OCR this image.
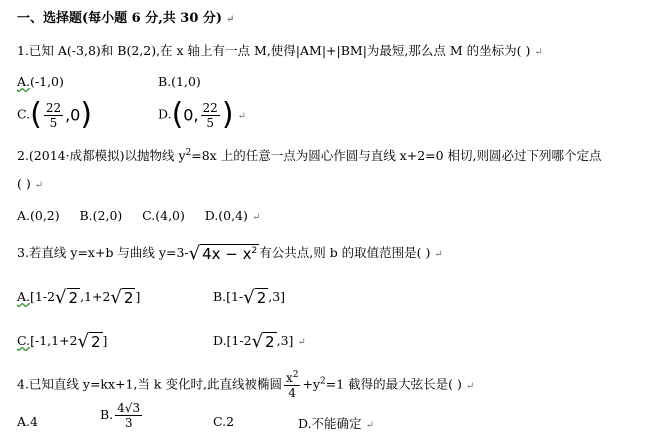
一、选择题(每小题 6 分,共 30 分) ↵
1.已知 A(-3,8)和 B(2,2),在 x 轴上有一点 M,使得|AM|+|BM|为最短,那么点 M 的坐标为( ) ↵
A.(-1,0)	B.(1,0)
$C.( \frac{22}{5} ,0)$	D.(0, $\frac{22}{5}$ ) ↵
2.(2014·成都模拟)以抛物线 $y^2=8x$ 上的任意一点为圆心作圆与直线 x+2=0 相切,则圆必过下列哪个定点
( ) ↵
A.(0,2)     B.(2,0)     C.(4,0)     D.(0,4) ↵
3.若直线 y=x+b 与曲线 y=3-√ $4x - x^2$ 有公共点,则 b 的取值范围是( ) ↵
A.[1-2√ 2 ,1+2√ 2 ]	B.[1-√ 2 ,3]
C.[-1,1+2√ 2 ]	D.[1-2√ 2 ,3] ↵
4.已知直线 y=kx+1,当 k 变化时,此直线被椭圆 $\frac{x^2}{4} +y^2=1$ 截得的最大弦长是( ) ↵
A.4	B. $\frac{4√3}{3}$	C.2	D.不能确定 ↵
